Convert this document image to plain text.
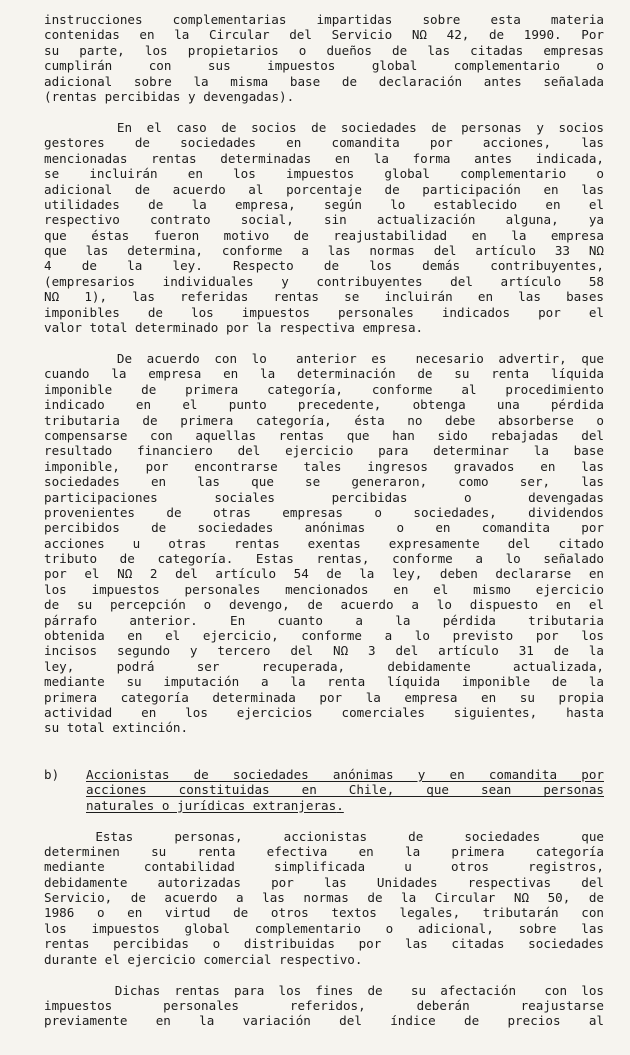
instrucciones complementarias impartidas sobre esta materia
contenidas en la Circular del Servicio NΩ 42, de 1990. Por
su parte, los propietarios o dueños de las citadas empresas
cumplirán con sus impuestos global complementario o
adicional sobre la misma base de declaración antes señalada
(rentas percibidas y devengadas).
En el caso de socios de sociedades de personas y socios
gestores de sociedades en comandita por acciones, las
mencionadas rentas determinadas en la forma antes indicada,
se incluirán en los impuestos global complementario o
adicional de acuerdo al porcentaje de participación en las
utilidades de la empresa, según lo establecido en el
respectivo contrato social, sin actualización alguna, ya
que éstas fueron motivo de reajustabilidad en la empresa
que las determina, conforme a las normas del artículo 33 NΩ
4 de la ley. Respecto de los demás contribuyentes,
(empresarios individuales y contribuyentes del artículo 58
NΩ 1), las referidas rentas se incluirán en las bases
imponibles de los impuestos personales indicados por el
valor total determinado por la respectiva empresa.
De acuerdo con lo  anterior es  necesario advertir, que
cuando la empresa en la determinación de su renta líquida
imponible de primera categoría, conforme al procedimiento
indicado en el punto precedente, obtenga una pérdida
tributaria de primera categoría, ésta no debe absorberse o
compensarse con aquellas rentas que han sido rebajadas del
resultado financiero del ejercicio para determinar la base
imponible, por encontrarse tales ingresos gravados en las
sociedades en las que se generaron, como ser, las
participaciones sociales percibidas o devengadas
provenientes de otras empresas o sociedades, dividendos
percibidos de sociedades anónimas o en comandita por
acciones u otras rentas exentas expresamente del citado
tributo de categoría. Estas rentas, conforme a lo señalado
por el NΩ 2 del artículo 54 de la ley, deben declararse en
los impuestos personales mencionados en el mismo ejercicio
de su percepción o devengo, de acuerdo a lo dispuesto en el
párrafo anterior. En cuanto a la pérdida tributaria
obtenida en el ejercicio, conforme a lo previsto por los
incisos segundo y tercero del NΩ 3 del artículo 31 de la
ley, podrá ser recuperada, debidamente actualizada,
mediante su imputación a la renta líquida imponible de la
primera categoría determinada por la empresa en su propia
actividad en los ejercicios comerciales siguientes, hasta
su total extinción.
b) Accionistas de sociedades anónimas y en comandita por
acciones constituidas en Chile, que sean personas
naturales o jurídicas extranjeras.
Estas    personas,    accionistas    de    sociedades    que
determinen su renta efectiva en la primera categoría
mediante contabilidad simplificada u otros registros,
debidamente autorizadas por las Unidades respectivas del
Servicio, de acuerdo a las normas de la Circular NΩ 50, de
1986 o en virtud de otros textos legales, tributarán con
los impuestos global complementario o adicional, sobre las
rentas percibidas o distribuidas por las citadas sociedades
durante el ejercicio comercial respectivo.
Dichas rentas para los fines de  su afectación  con los
impuestos personales referidos, deberán reajustarse
previamente en la variación del índice de precios al
